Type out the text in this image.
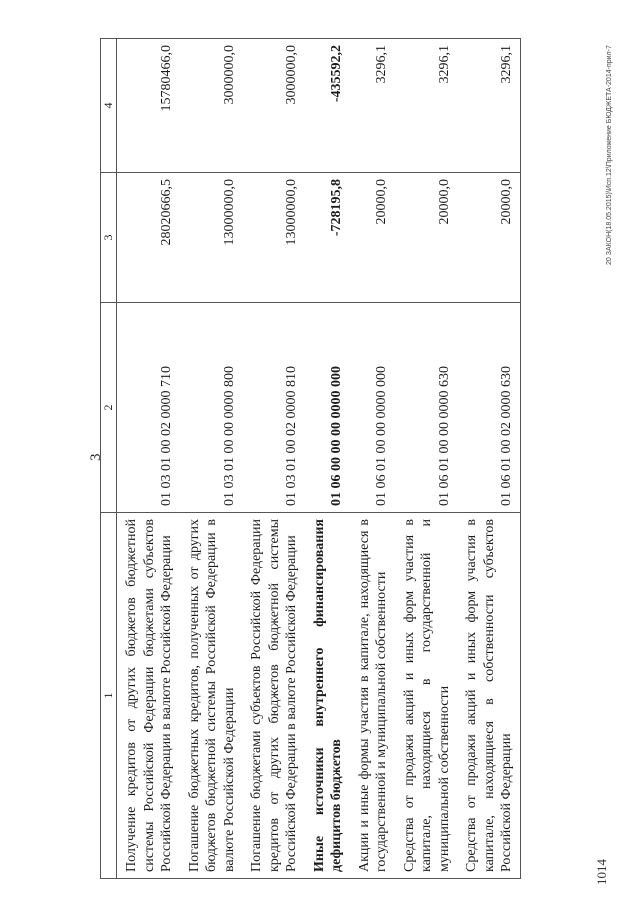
3
1	2	3	4
Получение кредитов от других бюджетов бюджетной системы Российской Федерации бюджетами субъектов Российской Федерации в валюте Российской Федерации	01 03 01 00 02 0000 710	28020666,5	15780466,0
Погашение бюджетных кредитов, полученных от других бюджетов бюджетной системы Российской Федерации в валюте Российской Федерации	01 03 01 00 00 0000 800	13000000,0	3000000,0
Погашение бюджетами субъектов Российской Федерации кредитов от других бюджетов бюджетной системы Российской Федерации в валюте Российской Федерации	01 03 01 00 02 0000 810	13000000,0	3000000,0
Иные источники внутреннего финансирования дефицитов бюджетов	01 06 00 00 00 0000 000	-728195,8	-435592,2
Акции и иные формы участия в капитале, находящиеся в государственной и муниципальной собственности	01 06 01 00 00 0000 000	20000,0	3296,1
Средства от продажи акций и иных форм участия в капитале, находящиеся в государственной и муниципальной собственности	01 06 01 00 00 0000 630	20000,0	3296,1
Средства от продажи акций и иных форм участия в капитале, находящиеся в собственности субъектов Российской Федерации	01 06 01 00 02 0000 630	20000,0	3296,1	20 ЗАКОН(18.05.2015)\Исп.12\Приложение БЮДЖЕТА-2014-прил-7
1014
